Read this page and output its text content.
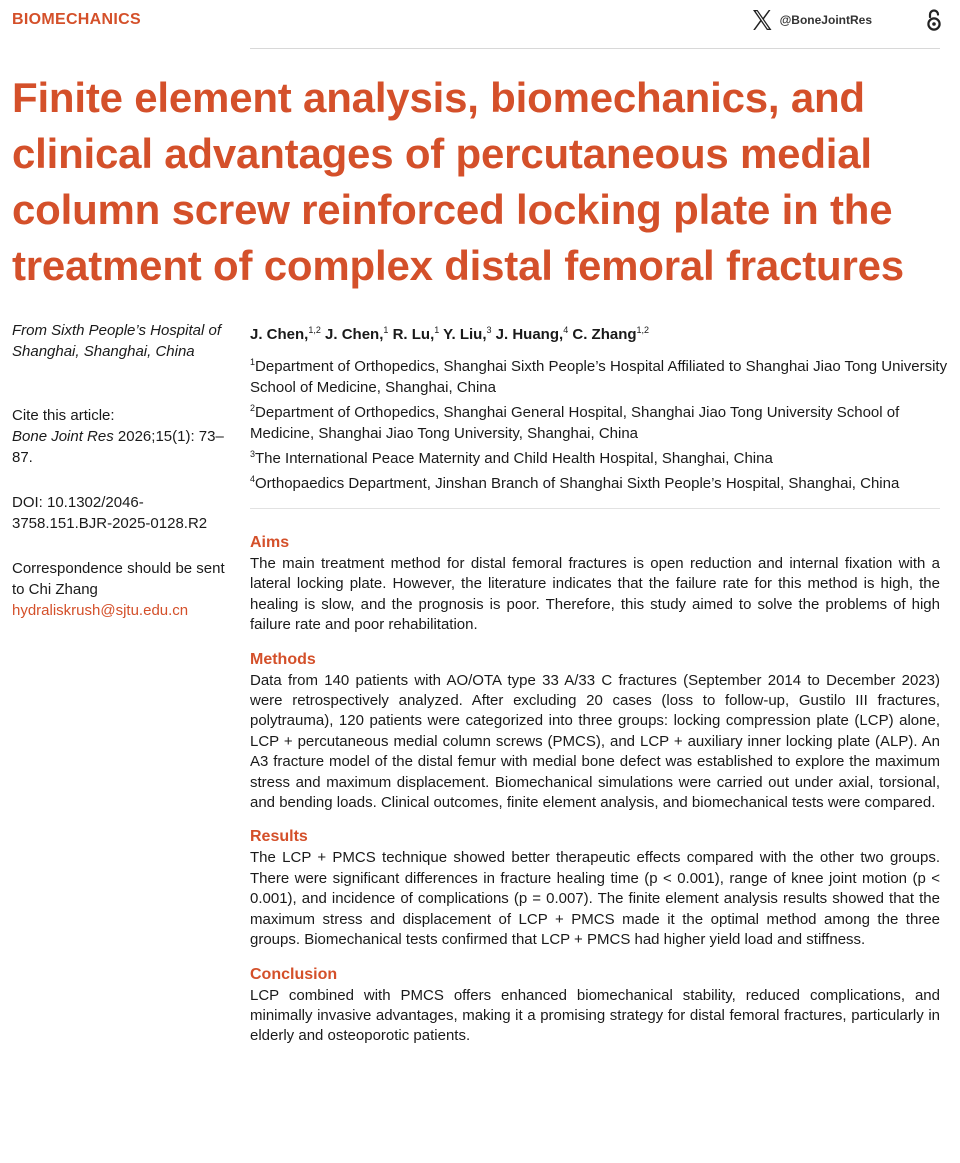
BIOMECHANICS	@BoneJointRes
Finite element analysis, biomechanics, and clinical advantages of percutaneous medial column screw reinforced locking plate in the treatment of complex distal femoral fractures

From Sixth People’s Hospital of Shanghai, Shanghai, China

Cite this article:
Bone Joint Res 2026;15(1): 73–87.

DOI: 10.1302/2046-3758.151.BJR-2025-0128.R2

Correspondence should be sent to Chi Zhang
hydraliskrush@sjtu.edu.cn

J. Chen,$^{1,2}$ J. Chen,$^1$ R. Lu,$^1$ Y. Liu,$^3$ J. Huang,$^4$ C. Zhang$^{1,2}$

$^1$Department of Orthopedics, Shanghai Sixth People’s Hospital Affiliated to Shanghai Jiao Tong University School of Medicine, Shanghai, China

$^2$Department of Orthopedics, Shanghai General Hospital, Shanghai Jiao Tong University School of Medicine, Shanghai Jiao Tong University, Shanghai, China

$^3$The International Peace Maternity and Child Health Hospital, Shanghai, China

$^4$Orthopaedics Department, Jinshan Branch of Shanghai Sixth People’s Hospital, Shanghai, China

Aims

The main treatment method for distal femoral fractures is open reduction and internal fixation with a lateral locking plate. However, the literature indicates that the failure rate for this method is high, the healing is slow, and the prognosis is poor. Therefore, this study aimed to solve the problems of high failure rate and poor rehabilitation.

Methods

Data from 140 patients with AO/OTA type 33 A/33 C fractures (September 2014 to December 2023) were retrospectively analyzed. After excluding 20 cases (loss to follow-up, Gustilo III fractures, polytrauma), 120 patients were categorized into three groups: locking compression plate (LCP) alone, LCP + percutaneous medial column screws (PMCS), and LCP + auxiliary inner locking plate (ALP). An A3 fracture model of the distal femur with medial bone defect was established to explore the maximum stress and maximum displacement. Biomechanical simulations were carried out under axial, torsional, and bending loads. Clinical outcomes, finite element analysis, and biomechanical tests were compared.

Results

The LCP + PMCS technique showed better therapeutic effects compared with the other two groups. There were significant differences in fracture healing time (p < 0.001), range of knee joint motion (p < 0.001), and incidence of complications (p = 0.007). The finite element analysis results showed that the maximum stress and displacement of LCP + PMCS made it the optimal method among the three groups. Biomechanical tests confirmed that LCP + PMCS had higher yield load and stiffness.

Conclusion

LCP combined with PMCS offers enhanced biomechanical stability, reduced complications, and minimally invasive advantages, making it a promising strategy for distal femoral fractures, particularly in elderly and osteoporotic patients.
